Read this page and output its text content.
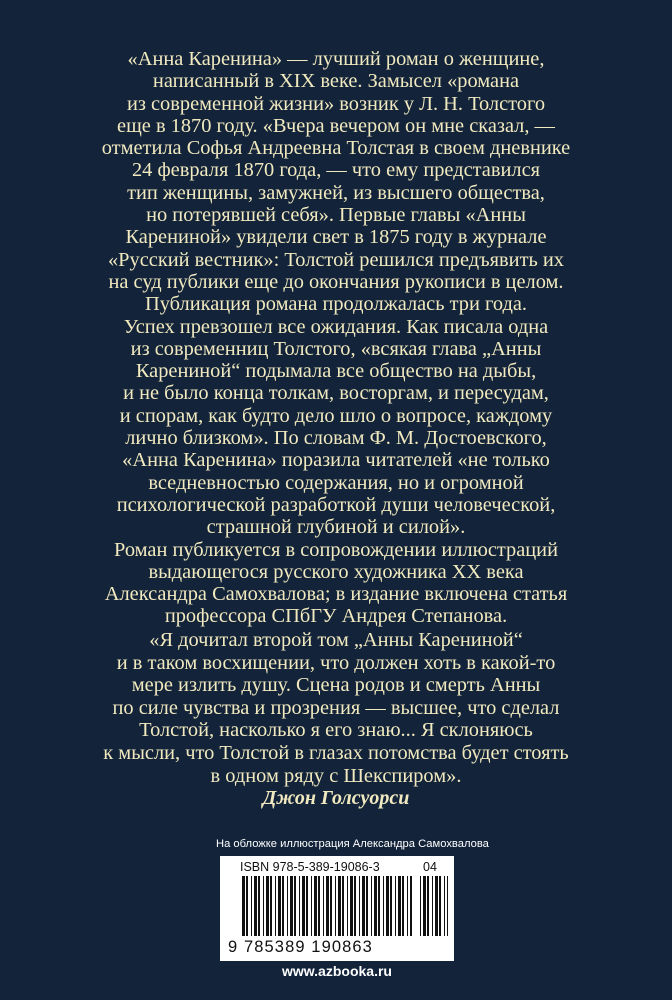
«Анна Каренина» — лучший роман о женщине,
написанный в XIX веке. Замысел «романа
из современной жизни» возник у Л. Н. Толстого
еще в 1870 году. «Вчера вечером он мне сказал, —
отметила Софья Андреевна Толстая в своем дневнике
24 февраля 1870 года, — что ему представился
тип женщины, замужней, из высшего общества,
но потерявшей себя». Первые главы «Анны
Карениной» увидели свет в 1875 году в журнале
«Русский вестник»: Толстой решился предъявить их
на суд публики еще до окончания рукописи в целом.
Публикация романа продолжалась три года.
Успех превзошел все ожидания. Как писала одна
из современниц Толстого, «всякая глава „Анны
Карениной“ подымала все общество на дыбы,
и не было конца толкам, восторгам, и пересудам,
и спорам, как будто дело шло о вопросе, каждому
лично близком». По словам Ф. М. Достоевского,
«Анна Каренина» поразила читателей «не только
вседневностью содержания, но и огромной
психологической разработкой души человеческой,
страшной глубиной и силой».
Роман публикуется в сопровождении иллюстраций
выдающегося русского художника XX века
Александра Самохвалова; в издание включена статья
профессора СПбГУ Андрея Степанова.
«Я дочитал второй том „Анны Карениной“
и в таком восхищении, что должен хоть в какой-то
мере излить душу. Сцена родов и смерть Анны
по силе чувства и прозрения — высшее, что сделал
Толстой, насколько я его знаю... Я склоняюсь
к мысли, что Толстой в глазах потомства будет стоять
в одном ряду с Шекспиром».
Джон Голсуорси
На обложке иллюстрация Александра Самохвалова
ISBN 978-5-389-19086-3	04
9 785389 190863
www.azbooka.ru
